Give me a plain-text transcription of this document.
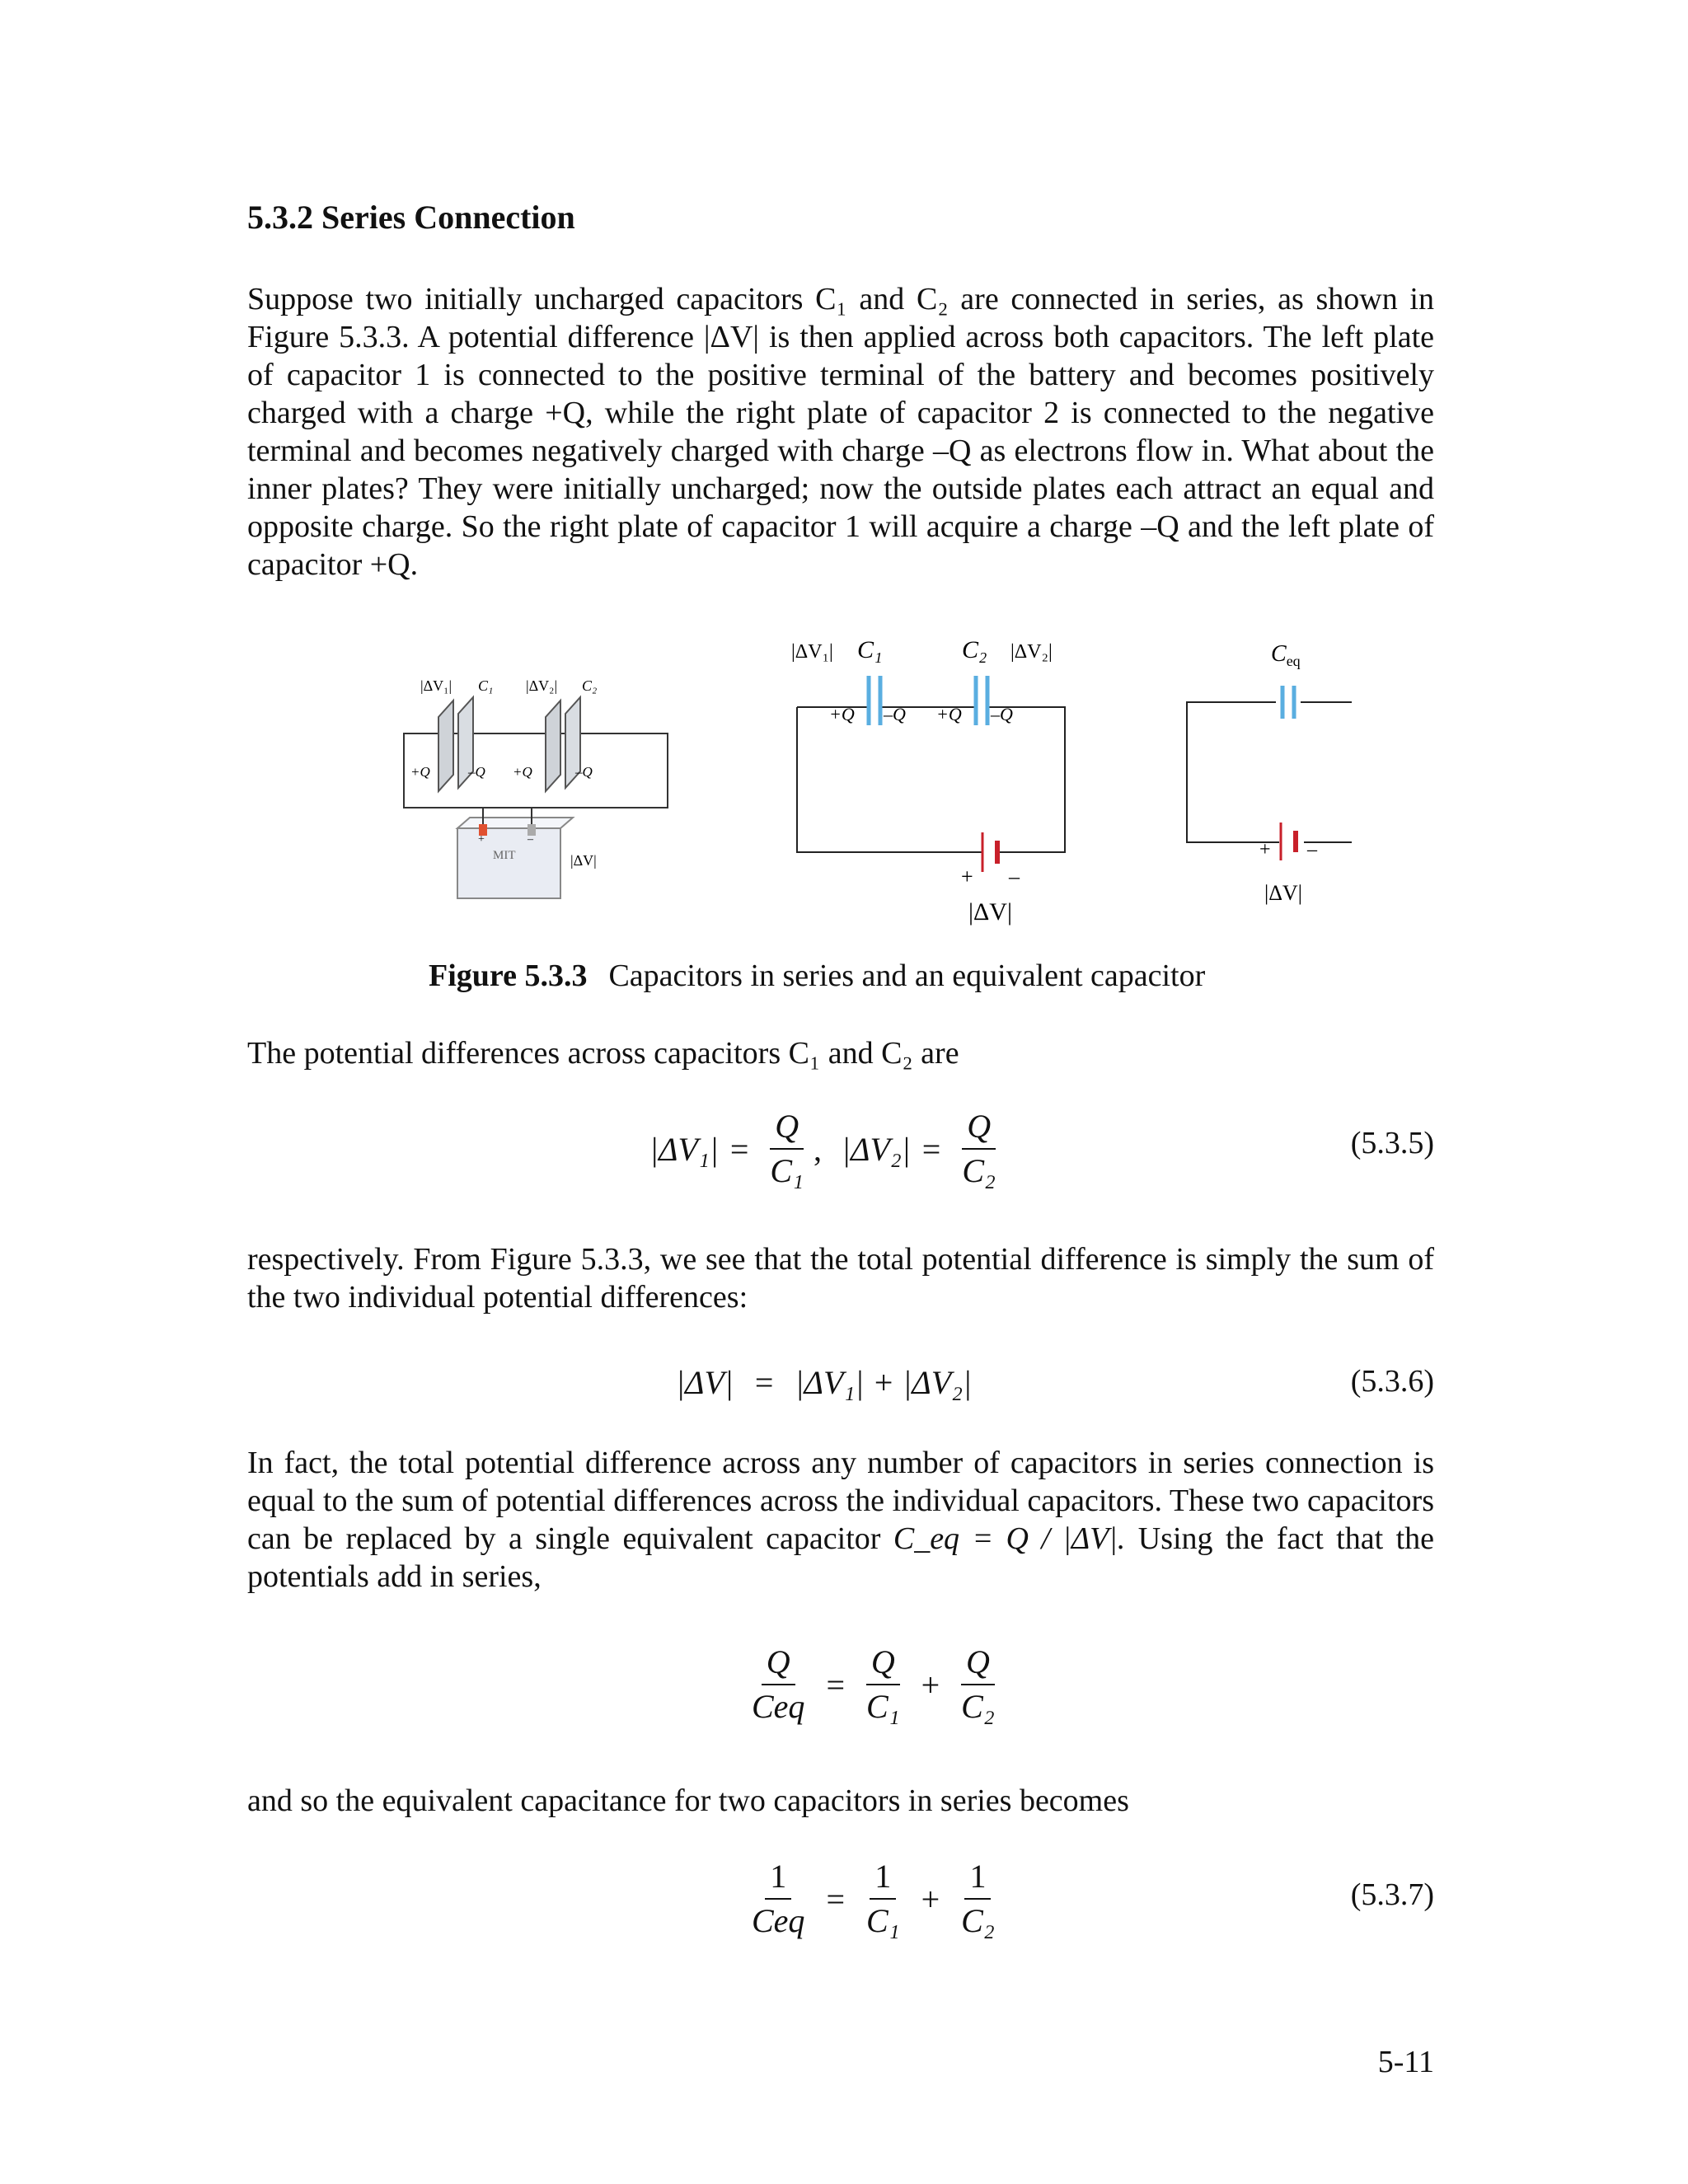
5.3.2 Series Connection
Suppose two initially uncharged capacitors C₁ and C₂ are connected in series, as shown in Figure 5.3.3. A potential difference |ΔV| is then applied across both capacitors. The left plate of capacitor 1 is connected to the positive terminal of the battery and becomes positively charged with a charge +Q, while the right plate of capacitor 2 is connected to the negative terminal and becomes negatively charged with charge –Q as electrons flow in. What about the inner plates? They were initially uncharged; now the outside plates each attract an equal and opposite charge. So the right plate of capacitor 1 will acquire a charge –Q and the left plate of capacitor +Q.
|ΔV₁| C₁ |ΔV₂| C₂
+Q	–Q +Q	–Q
MIT
+	–
|ΔV|
|ΔV₁| C₁	C₂ |ΔV₂|
+Q –Q +Q –Q
+ –
|ΔV|
$C_{eq}$
+ –
|ΔV|
Figure 5.3.3 Capacitors in series and an equivalent capacitor
The potential differences across capacitors C₁ and C₂ are
$|\Delta V_1| = \frac{Q}{\text{C₁}}$ , $|\Delta V_2| = \frac{Q}{\text{C₂}}$	(5.3.5)
respectively. From Figure 5.3.3, we see that the total potential difference is simply the sum of the two individual potential differences:
|ΔV| = |ΔV₁| + |ΔV₂|	(5.3.6)
In fact, the total potential difference across any number of capacitors in series connection is equal to the sum of potential differences across the individual capacitors. These two capacitors can be replaced by a single equivalent capacitor C_eq = Q / |ΔV|. Using the fact that the potentials add in series,
$\frac{Q}{\text{Ceq}} = \frac{Q}{\text{C₁}} + \frac{Q}{\text{C₂}}$
and so the equivalent capacitance for two capacitors in series becomes
$\frac{1}{\text{Ceq}} = \frac{1}{\text{C₁}} + \frac{1}{\text{C₂}}$	(5.3.7)
5-11
